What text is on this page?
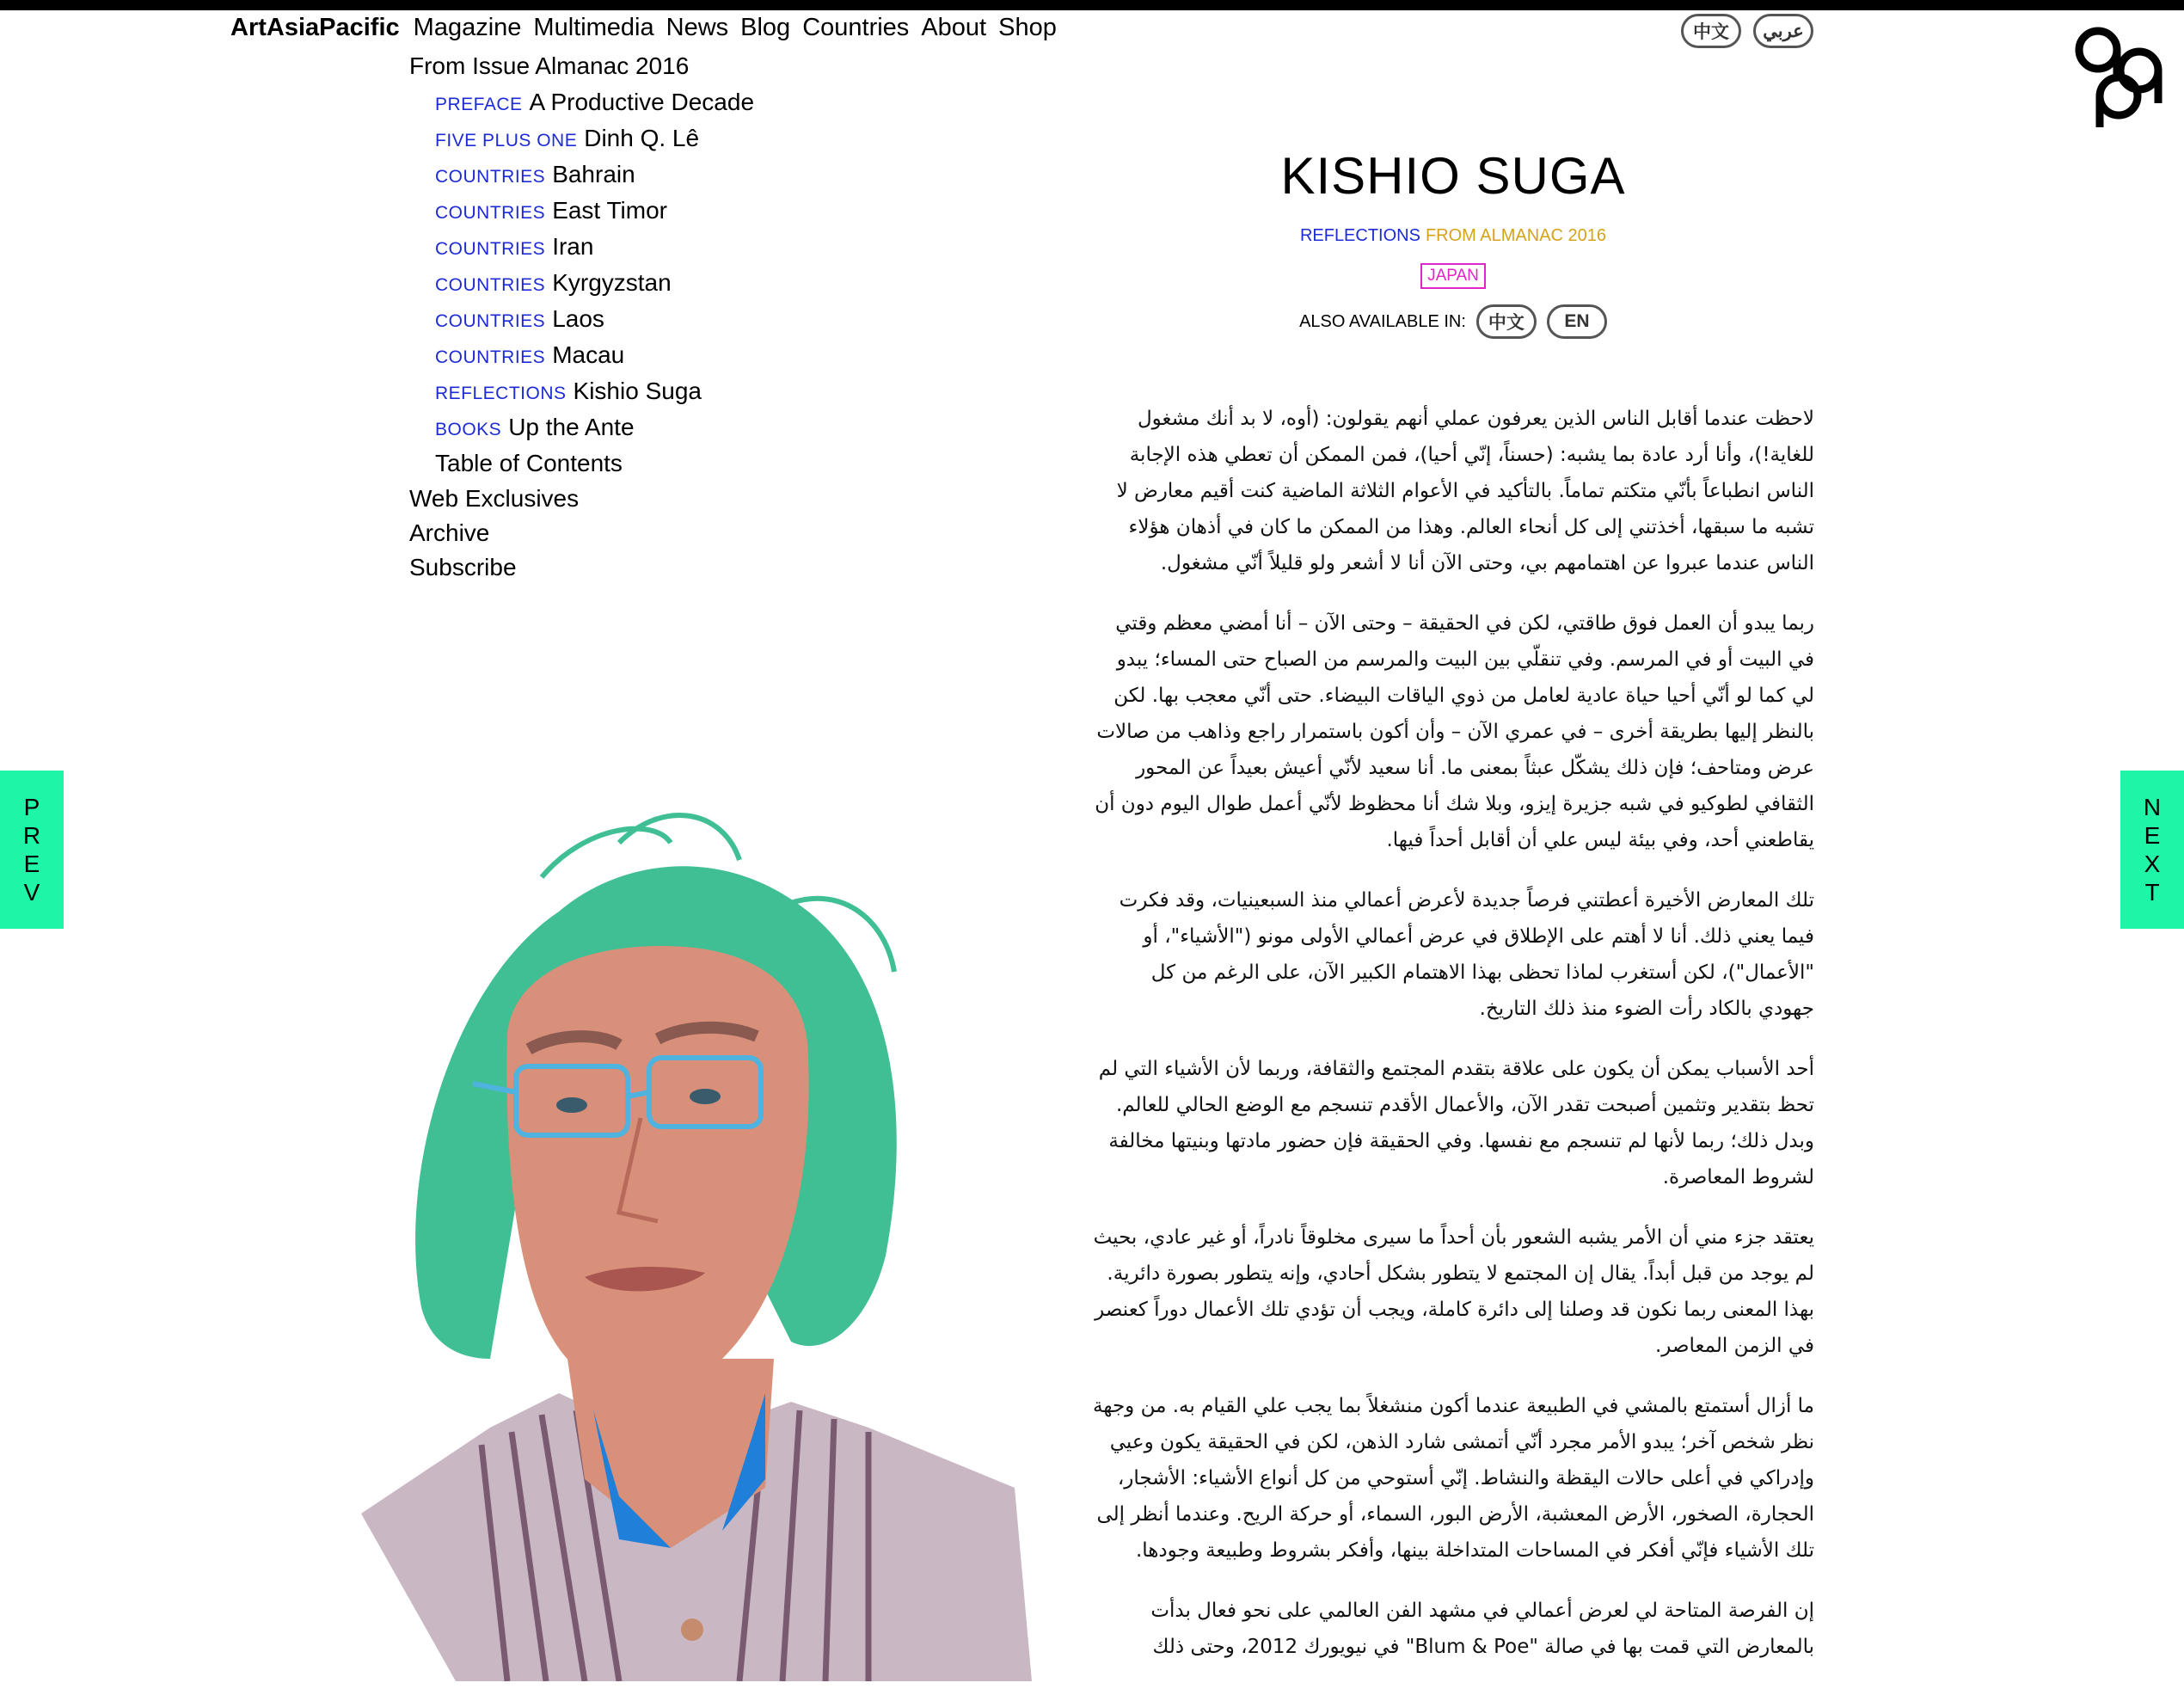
ArtAsiaPacific Magazine Multimedia News Blog Countries About Shop
From Issue Almanac 2016
PREFACE A Productive Decade
FIVE PLUS ONE Dinh Q. Lê
COUNTRIES Bahrain
COUNTRIES East Timor
COUNTRIES Iran
COUNTRIES Kyrgyzstan
COUNTRIES Laos
COUNTRIES Macau
REFLECTIONS Kishio Suga
BOOKS Up the Ante
Table of Contents
Web Exclusives
Archive
Subscribe
中文	عربي
P
R
E
V
N
E
X
T
KISHIO SUGA
REFLECTIONS FROM ALMANAC 2016
JAPAN
ALSO AVAILABLE IN:	中文	EN

لاحظت عندما أقابل الناس الذين يعرفون عملي أنهم يقولون: (أوه، لا بد أنك مشغول للغاية!)، وأنا أرد عادة بما يشبه: (حسناً، إنّي أحيا)، فمن الممكن أن تعطي هذه الإجابة الناس انطباعاً بأنّي متكتم تماماً. بالتأكيد في الأعوام الثلاثة الماضية كنت أقيم معارض لا تشبه ما سبقها، أخذتني إلى كل أنحاء العالم. وهذا من الممكن ما كان في أذهان هؤلاء الناس عندما عبروا عن اهتمامهم بي، وحتى الآن أنا لا أشعر ولو قليلاً أنّي مشغول.

ربما يبدو أن العمل فوق طاقتي، لكن في الحقيقة – وحتى الآن – أنا أمضي معظم وقتي في البيت أو في المرسم. وفي تنقلّي بين البيت والمرسم من الصباح حتى المساء؛ يبدو لي كما لو أنّي أحيا حياة عادية لعامل من ذوي الياقات البيضاء. حتى أنّي معجب بها. لكن بالنظر إليها بطريقة أخرى – في عمري الآن – وأن أكون باستمرار راجع وذاهب من صالات عرض ومتاحف؛ فإن ذلك يشكّل عبثاً بمعنى ما. أنا سعيد لأنّي أعيش بعيداً عن المحور الثقافي لطوكيو في شبه جزيرة إيزو، وبلا شك أنا محظوظ لأنّي أعمل طوال اليوم دون أن يقاطعني أحد، وفي بيئة ليس علي أن أقابل أحداً فيها.

تلك المعارض الأخيرة أعطتني فرصاً جديدة لأعرض أعمالي منذ السبعينيات، وقد فكرت فيما يعني ذلك. أنا لا أهتم على الإطلاق في عرض أعمالي الأولى مونو ("الأشياء"، أو "الأعمال")، لكن أستغرب لماذا تحظى بهذا الاهتمام الكبير الآن، على الرغم من كل جهودي بالكاد رأت الضوء منذ ذلك التاريخ.

أحد الأسباب يمكن أن يكون على علاقة بتقدم المجتمع والثقافة، وربما لأن الأشياء التي لم تحظ بتقدير وتثمين أصبحت تقدر الآن، والأعمال الأقدم تنسجم مع الوضع الحالي للعالم. وبدل ذلك؛ ربما لأنها لم تنسجم مع نفسها. وفي الحقيقة فإن حضور مادتها وبنيتها مخالفة لشروط المعاصرة.

يعتقد جزء مني أن الأمر يشبه الشعور بأن أحداً ما سيرى مخلوقاً نادراً، أو غير عادي، بحيث لم يوجد من قبل أبداً. يقال إن المجتمع لا يتطور بشكل أحادي، وإنه يتطور بصورة دائرية. بهذا المعنى ربما نكون قد وصلنا إلى دائرة كاملة، ويجب أن تؤدي تلك الأعمال دوراً كعنصر في الزمن المعاصر.

ما أزال أستمتع بالمشي في الطبيعة عندما أكون منشغلاً بما يجب علي القيام به. من وجهة نظر شخص آخر؛ يبدو الأمر مجرد أنّي أتمشى شارد الذهن، لكن في الحقيقة يكون وعيي وإدراكي في أعلى حالات اليقظة والنشاط. إنّي أستوحي من كل أنواع الأشياء: الأشجار، الحجارة، الصخور، الأرض المعشبة، الأرض البور، السماء، أو حركة الريح. وعندما أنظر إلى تلك الأشياء فإنّي أفكر في المساحات المتداخلة بينها، وأفكر بشروط وطبيعة وجودها.

إن الفرصة المتاحة لي لعرض أعمالي في مشهد الفن العالمي على نحو فعال بدأت بالمعارض التي قمت بها في صالة "Blum & Poe" في نيويورك 2012، وحتى ذلك
